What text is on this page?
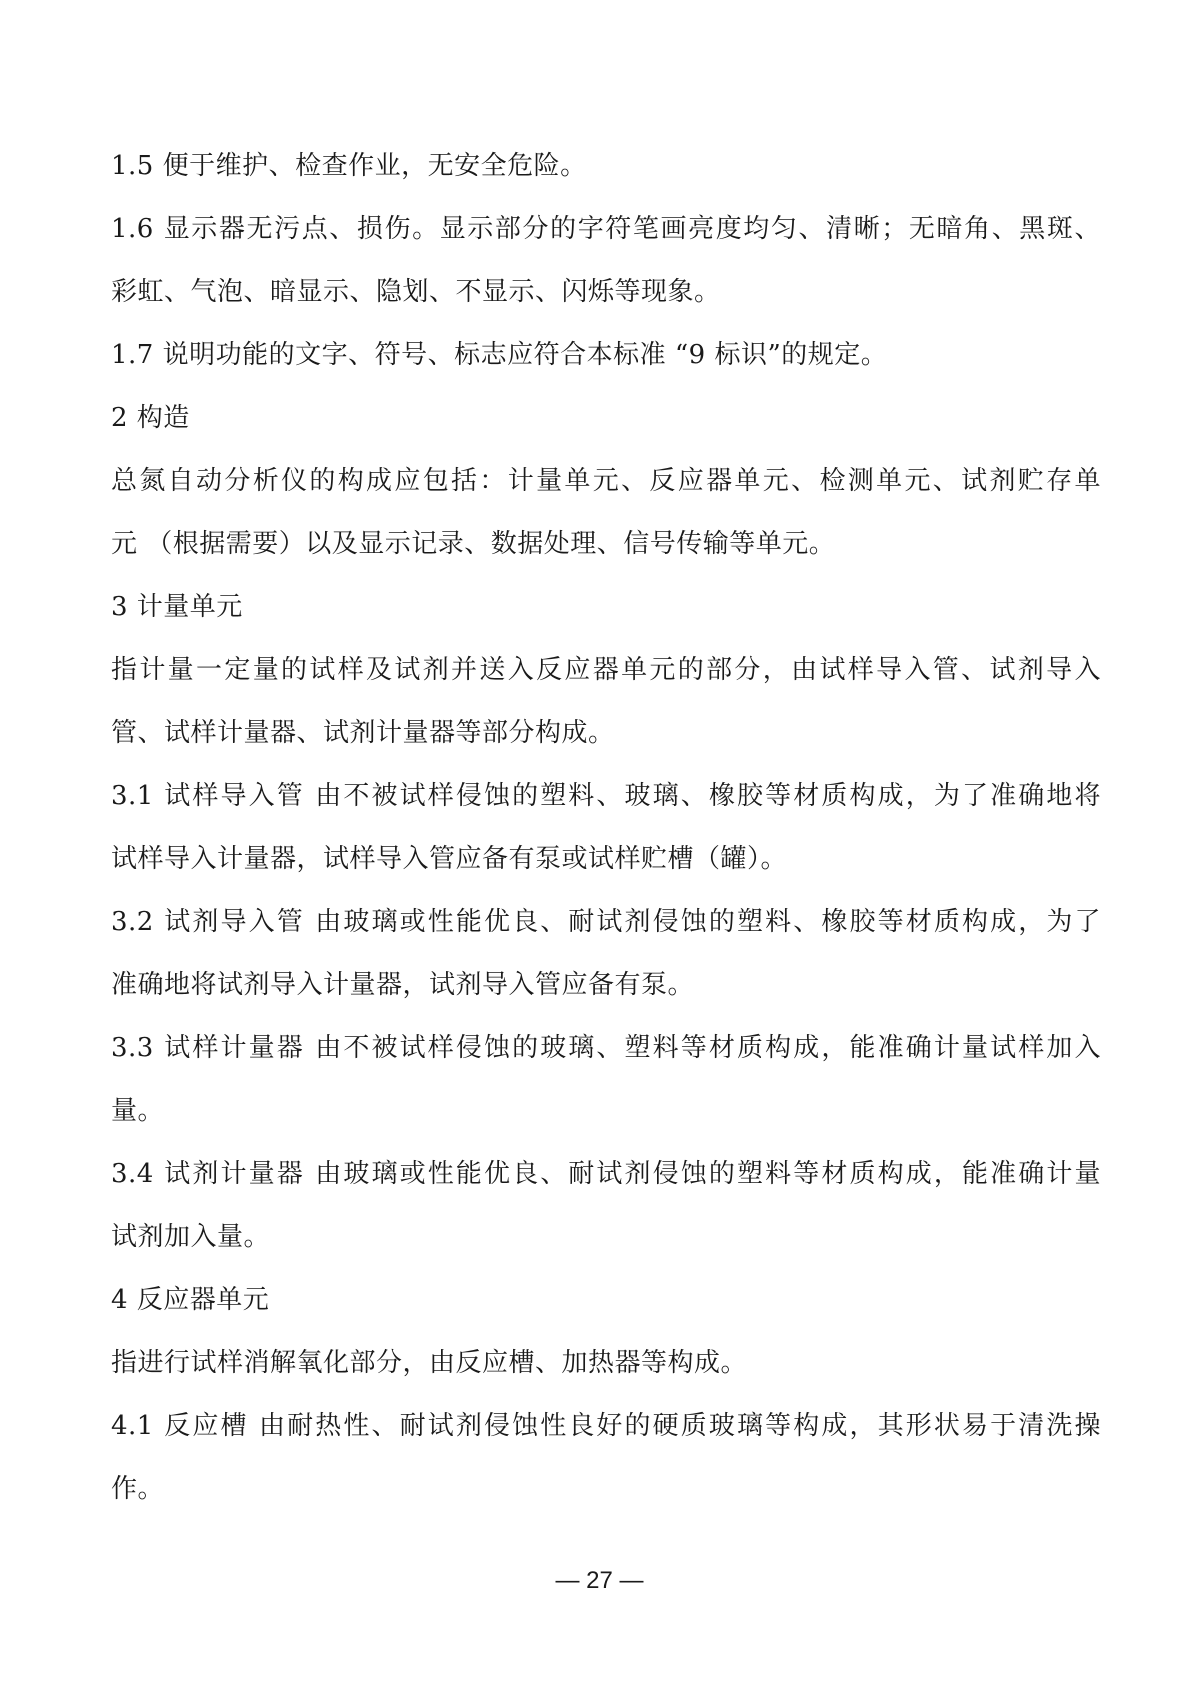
1.5 便于维护、检查作业，无安全危险。
1.6 显示器无污点、损伤。显示部分的字符笔画亮度均匀、清晰；无暗角、黑斑、
彩虹、气泡、暗显示、隐划、不显示、闪烁等现象。
1.7 说明功能的文字、符号、标志应符合本标准 “9 标识”的规定。
2 构造
总氮自动分析仪的构成应包括：计量单元、反应器单元、检测单元、试剂贮存单
元 （根据需要）以及显示记录、数据处理、信号传输等单元。
3 计量单元
指计量一定量的试样及试剂并送入反应器单元的部分，由试样导入管、试剂导入
管、试样计量器、试剂计量器等部分构成。
3.1 试样导入管 由不被试样侵蚀的塑料、玻璃、橡胶等材质构成，为了准确地将
试样导入计量器，试样导入管应备有泵或试样贮槽（罐）。
3.2 试剂导入管 由玻璃或性能优良、耐试剂侵蚀的塑料、橡胶等材质构成，为了
准确地将试剂导入计量器，试剂导入管应备有泵。
3.3 试样计量器 由不被试样侵蚀的玻璃、塑料等材质构成，能准确计量试样加入
量。
3.4 试剂计量器 由玻璃或性能优良、耐试剂侵蚀的塑料等材质构成，能准确计量
试剂加入量。
4 反应器单元
指进行试样消解氧化部分，由反应槽、加热器等构成。
4.1 反应槽 由耐热性、耐试剂侵蚀性良好的硬质玻璃等构成，其形状易于清洗操
作。
— 27 —
